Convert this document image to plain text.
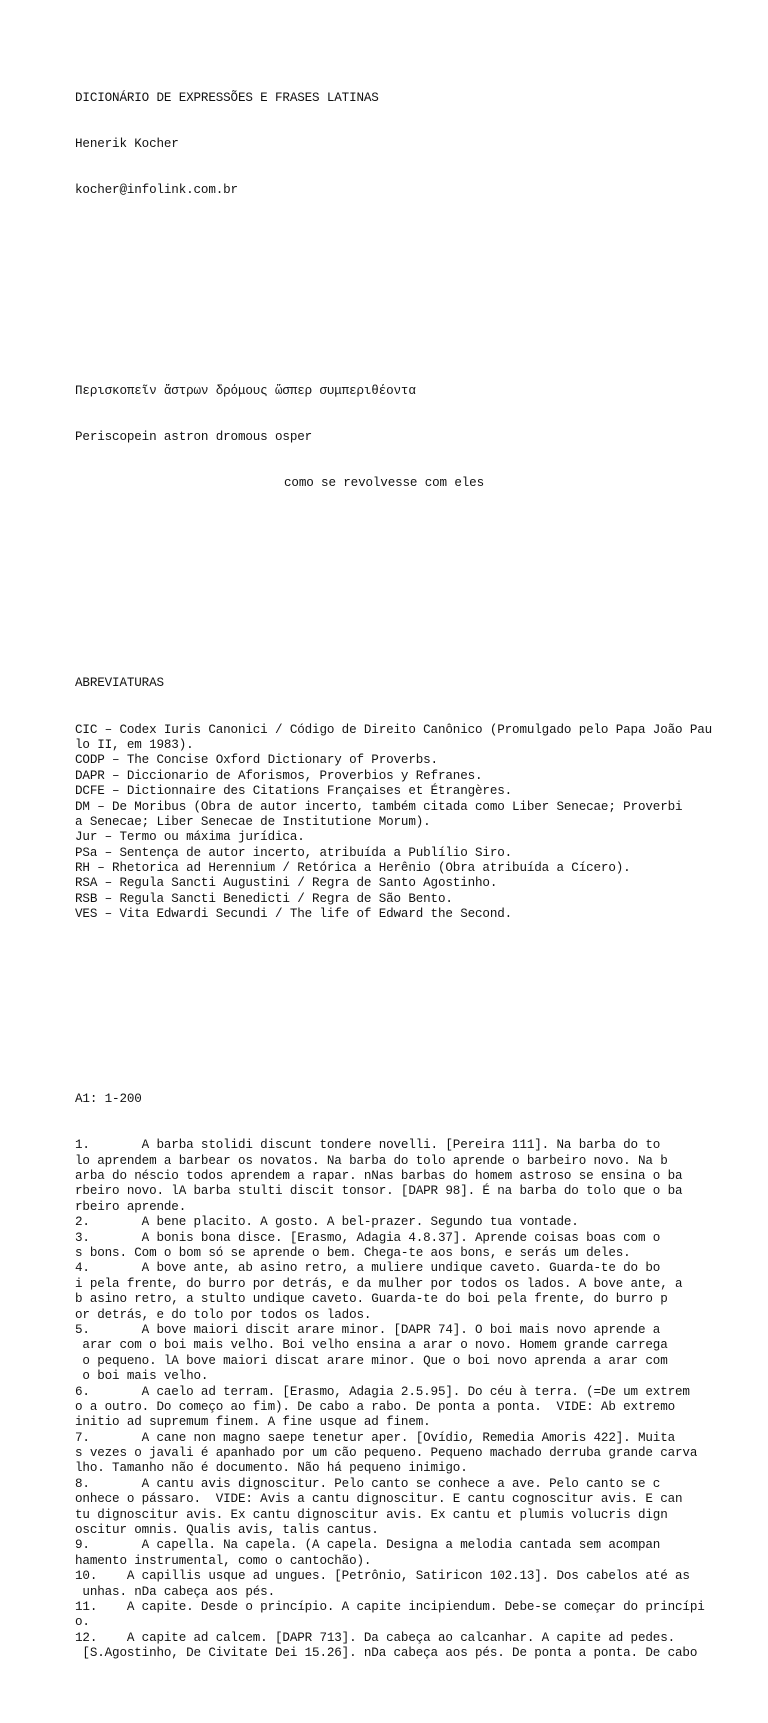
DICIONÁRIO DE EXPRESSÕES E FRASES LATINAS

Henerik Kocher

kocher@infolink.com.br

Περισκοπεῖν ἄστρων δρόμους ὥσπερ συμπεριθέοντα

Periscopein astron dromous osper

como se revolvesse com eles

ABREVIATURAS

CIC – Codex Iuris Canonici / Código de Direito Canônico (Promulgado pelo Papa João Pau
lo II, em 1983).
CODP – The Concise Oxford Dictionary of Proverbs.
DAPR – Diccionario de Aforismos, Proverbios y Refranes.
DCFE – Dictionnaire des Citations Françaises et Étrangères.
DM – De Moribus (Obra de autor incerto, também citada como Liber Senecae; Proverbi
a Senecae; Liber Senecae de Institutione Morum).
Jur – Termo ou máxima jurídica.
PSa – Sentença de autor incerto, atribuída a Publílio Siro.
RH – Rhetorica ad Herennium / Retórica a Herênio (Obra atribuída a Cícero).
RSA – Regula Sancti Augustini / Regra de Santo Agostinho.
RSB – Regula Sancti Benedicti / Regra de São Bento.
VES – Vita Edwardi Secundi / The life of Edward the Second.

A1: 1-200

1.       A barba stolidi discunt tondere novelli. [Pereira 111]. Na barba do to
lo aprendem a barbear os novatos. Na barba do tolo aprende o barbeiro novo. Na b
arba do néscio todos aprendem a rapar. nNas barbas do homem astroso se ensina o ba
rbeiro novo. lA barba stulti discit tonsor. [DAPR 98]. É na barba do tolo que o ba
rbeiro aprende.
2.       A bene placito. A gosto. A bel-prazer. Segundo tua vontade.
3.       A bonis bona disce. [Erasmo, Adagia 4.8.37]. Aprende coisas boas com o
s bons. Com o bom só se aprende o bem. Chega-te aos bons, e serás um deles.
4.       A bove ante, ab asino retro, a muliere undique caveto. Guarda-te do bo
i pela frente, do burro por detrás, e da mulher por todos os lados. A bove ante, a
b asino retro, a stulto undique caveto. Guarda-te do boi pela frente, do burro p
or detrás, e do tolo por todos os lados.
5.       A bove maiori discit arare minor. [DAPR 74]. O boi mais novo aprende a
arar com o boi mais velho. Boi velho ensina a arar o novo. Homem grande carrega
o pequeno. lA bove maiori discat arare minor. Que o boi novo aprenda a arar com
o boi mais velho.
6.       A caelo ad terram. [Erasmo, Adagia 2.5.95]. Do céu à terra. (=De um extrem
o a outro. Do começo ao fim). De cabo a rabo. De ponta a ponta.  VIDE: Ab extremo
initio ad supremum finem. A fine usque ad finem.
7.       A cane non magno saepe tenetur aper. [Ovídio, Remedia Amoris 422]. Muita
s vezes o javali é apanhado por um cão pequeno. Pequeno machado derruba grande carva
lho. Tamanho não é documento. Não há pequeno inimigo.
8.       A cantu avis dignoscitur. Pelo canto se conhece a ave. Pelo canto se c
onhece o pássaro.  VIDE: Avis a cantu dignoscitur. E cantu cognoscitur avis. E can
tu dignoscitur avis. Ex cantu dignoscitur avis. Ex cantu et plumis volucris dign
oscitur omnis. Qualis avis, talis cantus.
9.       A capella. Na capela. (A capela. Designa a melodia cantada sem acompan
hamento instrumental, como o cantochão).
10.    A capillis usque ad ungues. [Petrônio, Satiricon 102.13]. Dos cabelos até as
unhas. nDa cabeça aos pés.
11.    A capite. Desde o princípio. A capite incipiendum. Debe-se começar do princípi
o.
12.    A capite ad calcem. [DAPR 713]. Da cabeça ao calcanhar. A capite ad pedes.
[S.Agostinho, De Civitate Dei 15.26]. nDa cabeça aos pés. De ponta a ponta. De cabo
